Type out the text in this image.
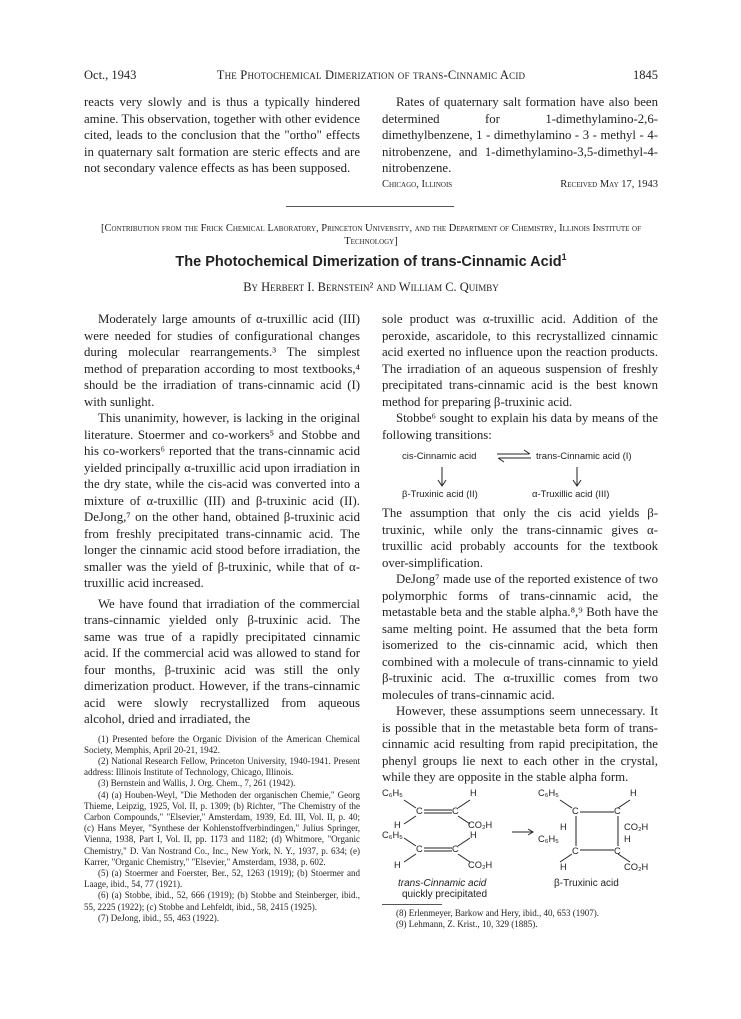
Oct., 1943	The Photochemical Dimerization of trans-Cinnamic Acid	1845

reacts very slowly and is thus a typically hindered amine. This observation, together with other evidence cited, leads to the conclusion that the "ortho" effects in quaternary salt formation are steric effects and are not secondary valence effects as has been supposed.

Rates of quaternary salt formation have also been determined for 1-dimethylamino-2,6-dimethylbenzene, 1 - dimethylamino - 3 - methyl - 4-nitrobenzene, and 1-dimethylamino-3,5-dimethyl-4-nitrobenzene.

Chicago, Illinois	Received May 17, 1943
[Contribution from the Frick Chemical Laboratory, Princeton University, and the Department of Chemistry, Illinois Institute of Technology]
The Photochemical Dimerization of trans-Cinnamic Acid$^1$
By Herbert I. Bernstein² and William C. Quimby

Moderately large amounts of α-truxillic acid (III) were needed for studies of configurational changes during molecular rearrangements.³ The simplest method of preparation according to most textbooks,⁴ should be the irradiation of trans-cinnamic acid (I) with sunlight.

This unanimity, however, is lacking in the original literature. Stoermer and co-workers⁵ and Stobbe and his co-workers⁶ reported that the trans-cinnamic acid yielded principally α-truxillic acid upon irradiation in the dry state, while the cis-acid was converted into a mixture of α-truxillic (III) and β-truxinic acid (II). DeJong,⁷ on the other hand, obtained β-truxinic acid from freshly precipitated trans-cinnamic acid. The longer the cinnamic acid stood before irradiation, the smaller was the yield of β-truxinic, while that of α-truxillic acid increased.

We have found that irradiation of the commercial trans-cinnamic yielded only β-truxinic acid. The same was true of a rapidly precipitated cinnamic acid. If the commercial acid was allowed to stand for four months, β-truxinic acid was still the only dimerization product. However, if the trans-cinnamic acid were slowly recrystallized from aqueous alcohol, dried and irradiated, the

(1) Presented before the Organic Division of the American Chemical Society, Memphis, April 20-21, 1942.

(2) National Research Fellow, Princeton University, 1940-1941. Present address: Illinois Institute of Technology, Chicago, Illinois.

(3) Bernstein and Wallis, J. Org. Chem., 7, 261 (1942).

(4) (a) Houben-Weyl, "Die Methoden der organischen Chemie," Georg Thieme, Leipzig, 1925, Vol. II, p. 1309; (b) Richter, "The Chemistry of the Carbon Compounds," "Elsevier," Amsterdam, 1939, Ed. III, Vol. II, p. 40; (c) Hans Meyer, "Synthese der Kohlenstoffverbindingen," Julius Springer, Vienna, 1938, Part I, Vol. II, pp. 1173 and 1182; (d) Whitmore, "Organic Chemistry," D. Van Nostrand Co., Inc., New York, N. Y., 1937, p. 634; (e) Karrer, "Organic Chemistry," "Elsevier," Amsterdam, 1938, p. 602.

(5) (a) Stoermer and Foerster, Ber., 52, 1263 (1919); (b) Stoermer and Laage, ibid., 54, 77 (1921).

(6) (a) Stobbe, ibid., 52, 666 (1919); (b) Stobbe and Steinberger, ibid., 55, 2225 (1922); (c) Stobbe and Lehfeldt, ibid., 58, 2415 (1925).

(7) DeJong, ibid., 55, 463 (1922).

sole product was α-truxillic acid. Addition of the peroxide, ascaridole, to this recrystallized cinnamic acid exerted no influence upon the reaction products. The irradiation of an aqueous suspension of freshly precipitated trans-cinnamic acid is the best known method for preparing β-truxinic acid.

Stobbe⁶ sought to explain his data by means of the following transitions:

cis-Cinnamic acid ⇌ trans-Cinnamic acid (I)
β-Truxinic acid (II)	α-Truxillic acid (III)

The assumption that only the cis acid yields β-truxinic, while only the trans-cinnamic gives α-truxillic acid probably accounts for the textbook over-simplification.

DeJong⁷ made use of the reported existence of two polymorphic forms of trans-cinnamic acid, the metastable beta and the stable alpha.⁸,⁹ Both have the same melting point. He assumed that the beta form isomerized to the cis-cinnamic acid, which then combined with a molecule of trans-cinnamic to yield β-truxinic acid. The α-truxillic comes from two molecules of trans-cinnamic acid.

However, these assumptions seem unnecessary. It is possible that in the metastable beta form of trans-cinnamic acid resulting from rapid precipitation, the phenyl groups lie next to each other in the crystal, while they are opposite in the stable alpha form.

C₆H₅
C	C
H
H	CO₂H
C₆H₅
C	C
H
H	CO₂H
C₆H₅
C	C
H
H	CO₂H
C₆H₅	H
C	C
H	CO₂H
trans-Cinnamic acid
quickly precipitated
β-Truxinic acid

(8) Erlenmeyer, Barkow and Hery, ibid., 40, 653 (1907).

(9) Lehmann, Z. Krist., 10, 329 (1885).
